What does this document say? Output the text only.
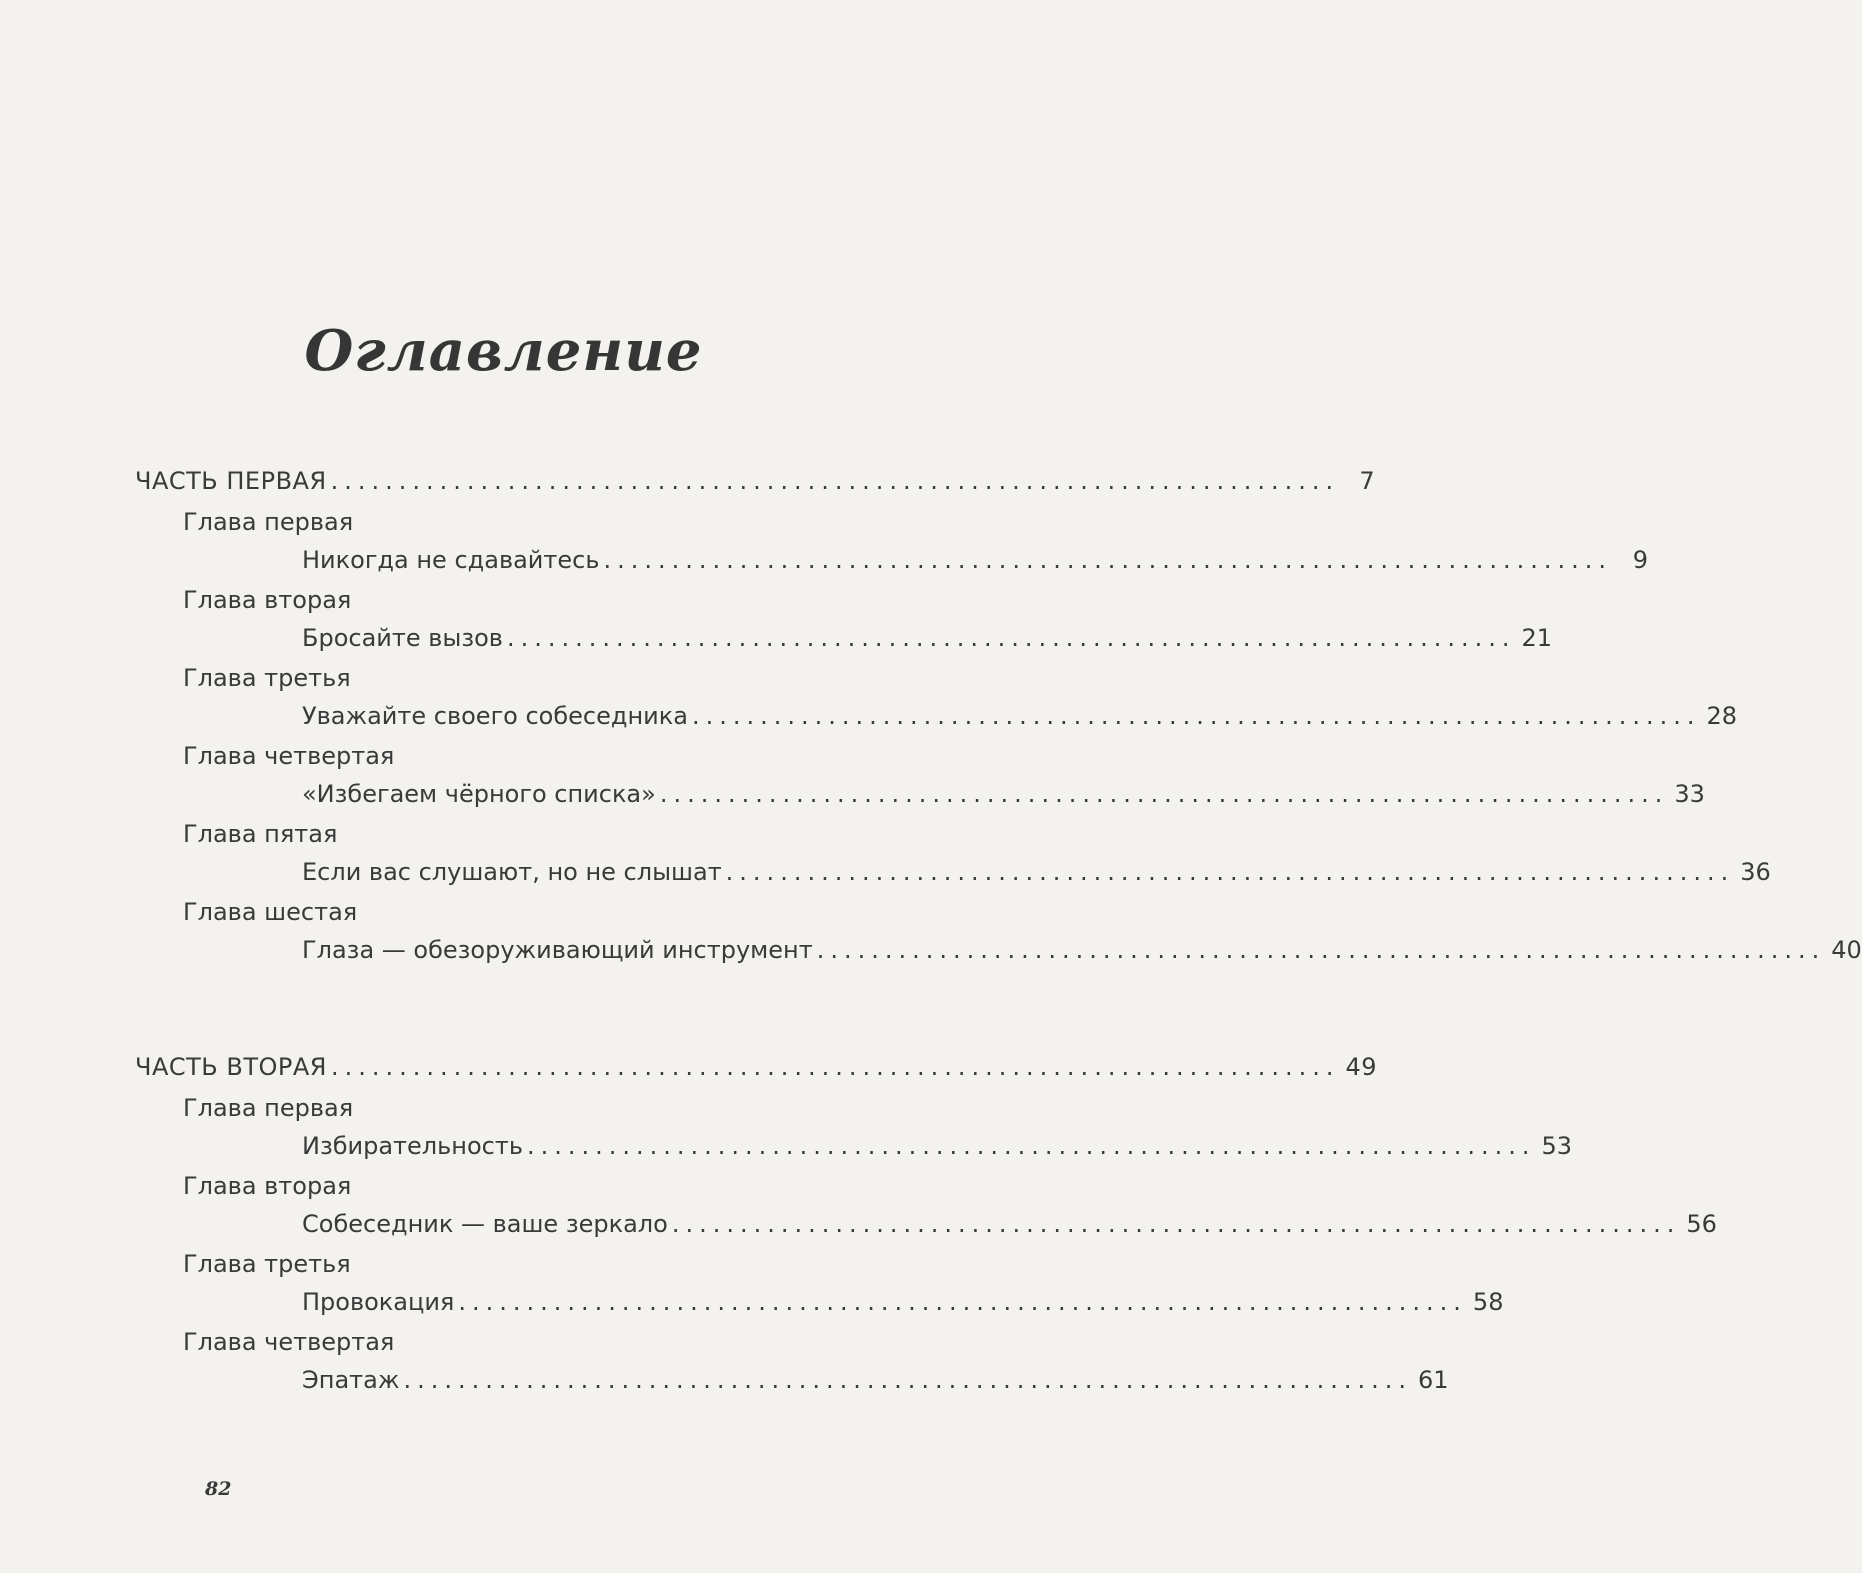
Оглавление
ЧАСТЬ ПЕРВАЯ .......................................................................... 7
Глава первая
Никогда не сдавайтесь .......................................................................... 9
Глава вторая
Бросайте вызов .......................................................................... 21
Глава третья
Уважайте своего собеседника .......................................................................... 28
Глава четвертая
«Избегаем чёрного списка» .......................................................................... 33
Глава пятая
Если вас слушают, но не слышат .......................................................................... 36
Глава шестая
Глаза — обезоруживающий инструмент .......................................................................... 40
ЧАСТЬ ВТОРАЯ .......................................................................... 49
Глава первая
Избирательность .......................................................................... 53
Глава вторая
Собеседник — ваше зеркало .......................................................................... 56
Глава третья
Провокация .......................................................................... 58
Глава четвертая
Эпатаж .......................................................................... 61
82
